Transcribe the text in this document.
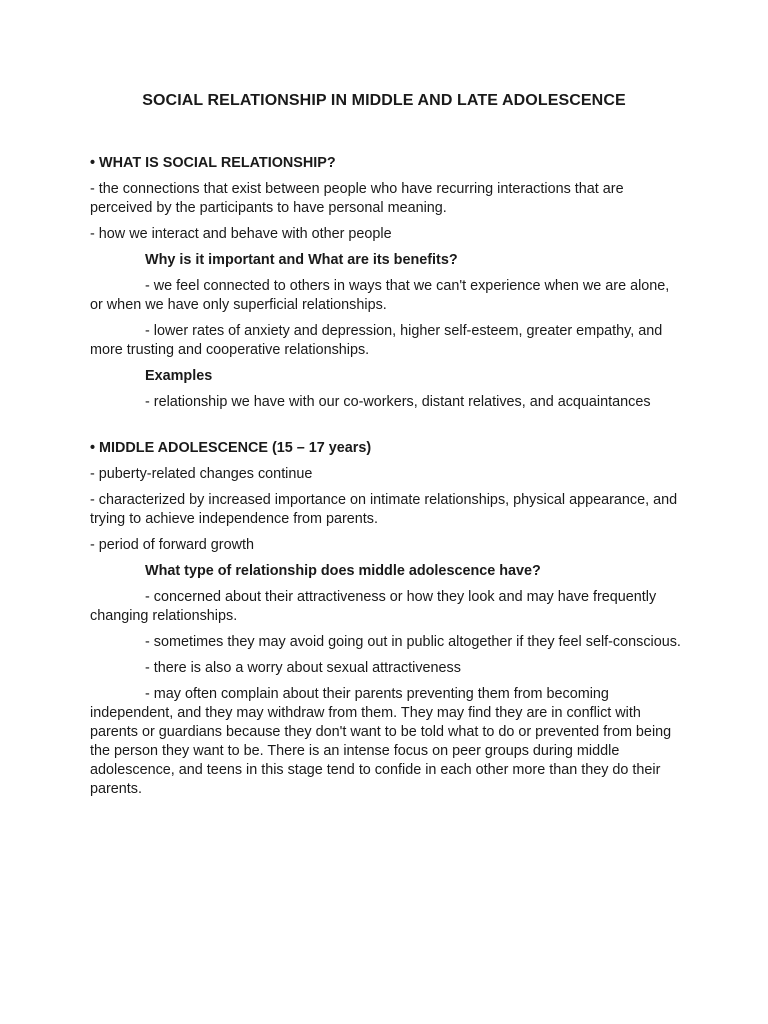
SOCIAL RELATIONSHIP IN MIDDLE AND LATE ADOLESCENCE

• WHAT IS SOCIAL RELATIONSHIP?

- the connections that exist between people who have recurring interactions that are perceived by the participants to have personal meaning.

- how we interact and behave with other people

Why is it important and What are its benefits?

- we feel connected to others in ways that we can't experience when we are alone, or when we have only superficial relationships.

- lower rates of anxiety and depression, higher self-esteem, greater empathy, and more trusting and cooperative relationships.

Examples

- relationship we have with our co-workers, distant relatives, and acquaintances

• MIDDLE ADOLESCENCE (15 – 17 years)

- puberty-related changes continue

- characterized by increased importance on intimate relationships, physical appearance, and trying to achieve independence from parents.

- period of forward growth

What type of relationship does middle adolescence have?

- concerned about their attractiveness or how they look and may have frequently changing relationships.

- sometimes they may avoid going out in public altogether if they feel self-conscious.

- there is also a worry about sexual attractiveness

- may often complain about their parents preventing them from becoming independent, and they may withdraw from them. They may find they are in conflict with parents or guardians because they don't want to be told what to do or prevented from being the person they want to be. There is an intense focus on peer groups during middle adolescence, and teens in this stage tend to confide in each other more than they do their parents.
